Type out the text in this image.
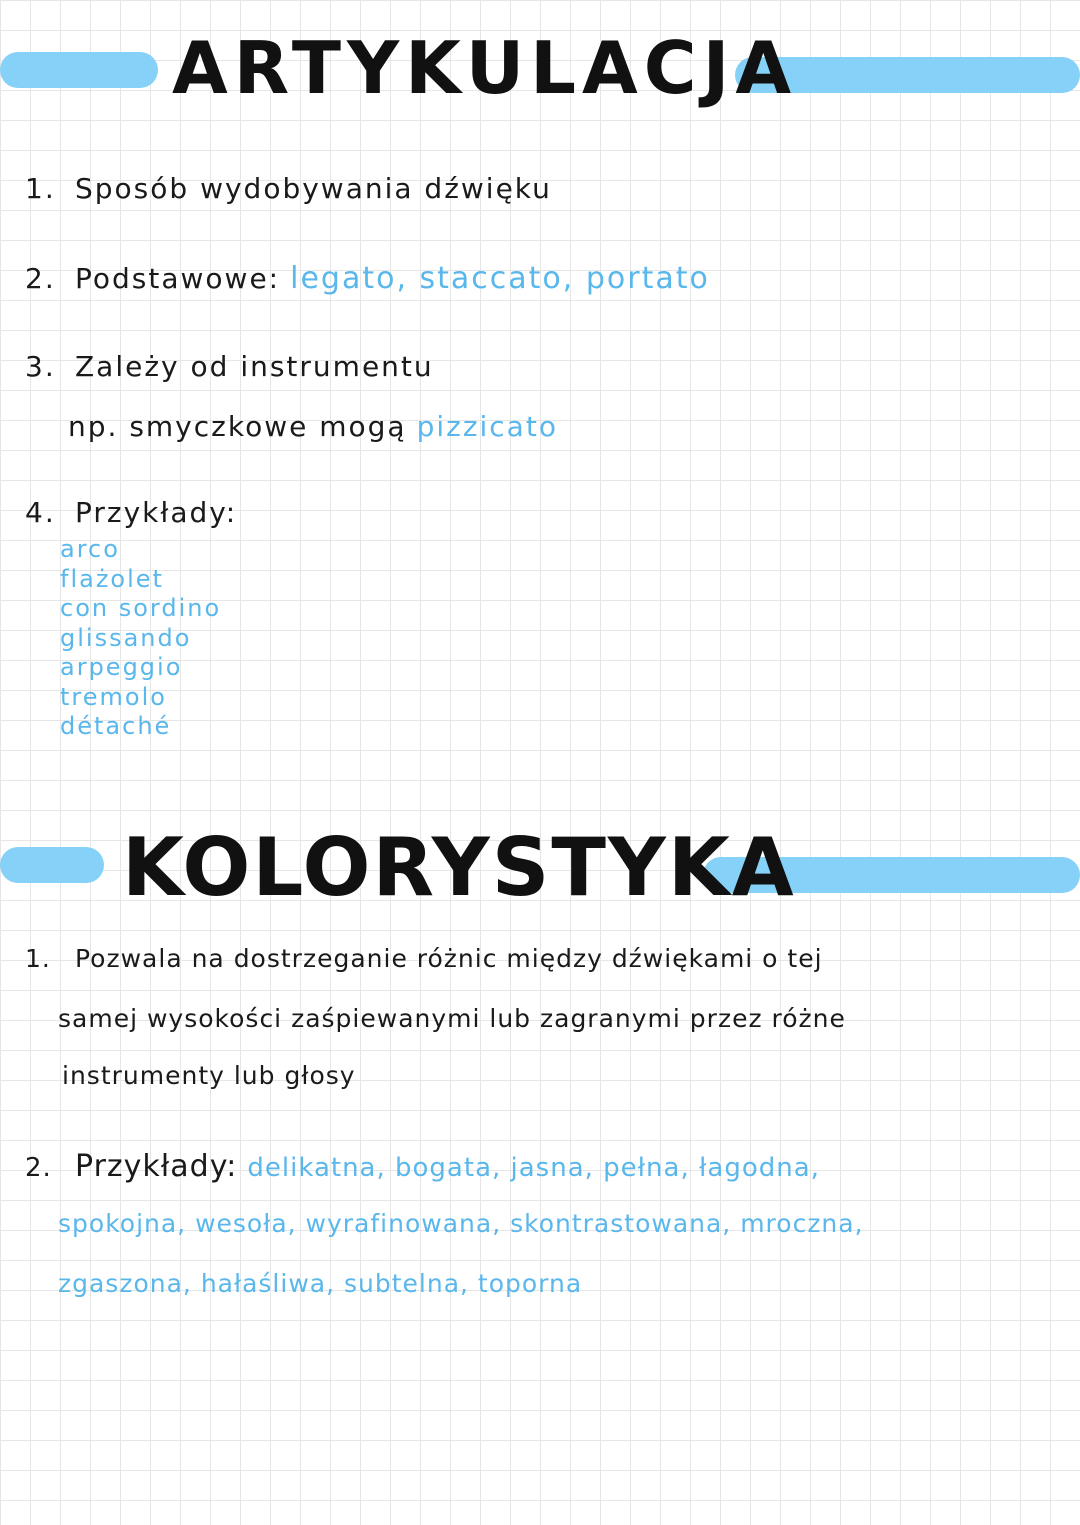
ARTYKULACJA
1. Sposób wydobywania dźwięku
2. Podstawowe: legato, staccato, portato
3. Zależy od instrumentu
np. smyczkowe mogą pizzicato
4. Przykłady:
arco
flażolet
con sordino
glissando
arpeggio
tremolo
détaché
KOLORYSTYKA
1. Pozwala na dostrzeganie różnic między dźwiękami o tej
samej wysokości zaśpiewanymi lub zagranymi przez różne
instrumenty lub głosy
2. Przykłady: delikatna, bogata, jasna, pełna, łagodna,
spokojna, wesoła, wyrafinowana, skontrastowana, mroczna,
zgaszona, hałaśliwa, subtelna, toporna
